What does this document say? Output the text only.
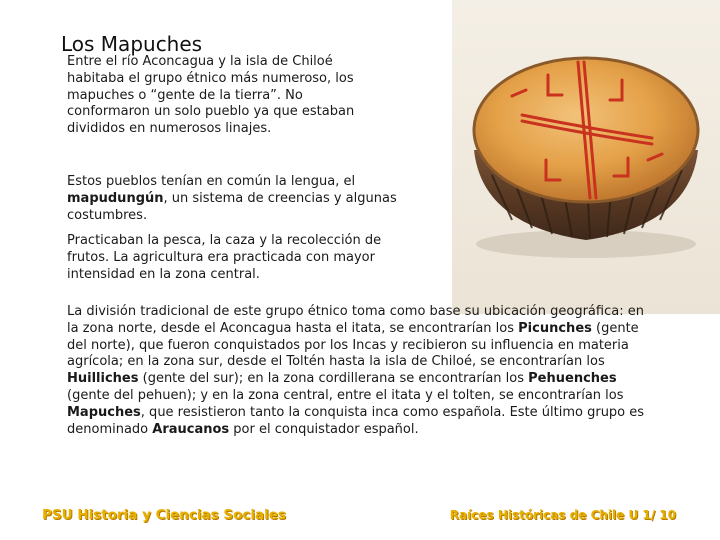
Los Mapuches

Entre el río Aconcagua y la isla de Chiloé habitaba el grupo étnico más numeroso, los mapuches o “gente de la tierra”. No conformaron un solo pueblo ya que estaban divididos en numerosos linajes.

Estos pueblos tenían en común la lengua, el mapudungún, un sistema de creencias y algunas costumbres.

Practicaban la pesca, la caza y la recolección de frutos. La agricultura era practicada con mayor intensidad en la zona central.

La división tradicional de este grupo étnico toma como base su ubicación geográfica: en la zona norte, desde el Aconcagua hasta el itata, se encontrarían los Picunches (gente del norte), que fueron conquistados por los Incas y recibieron su influencia en materia agrícola; en la zona sur, desde el Toltén hasta la isla de Chiloé, se encontrarían los Huilliches (gente del sur); en la zona cordillerana se encontrarían los Pehuenches (gente del pehuen); y en la zona central, entre el itata y el tolten, se encontrarían los Mapuches, que resistieron tanto la conquista inca como española. Este último grupo es denominado Araucanos por el conquistador español.

PSU Historia y Ciencias Sociales	Raíces Históricas de Chile U 1/ 10
